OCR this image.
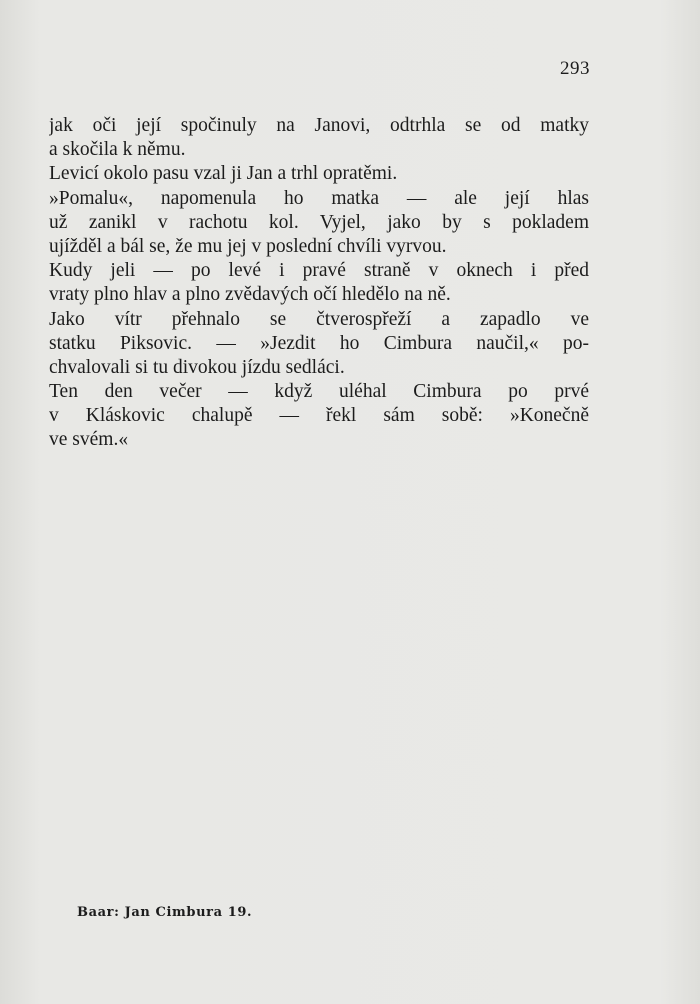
293
jak oči její spočinuly na Janovi, odtrhla se od matky
a skočila k němu.
Levicí okolo pasu vzal ji Jan a trhl opratěmi.
»Pomalu«, napomenula ho matka — ale její hlas
už zanikl v rachotu kol. Vyjel, jako by s pokladem
ujížděl a bál se, že mu jej v poslední chvíli vyrvou.
Kudy jeli — po levé i pravé straně v oknech i před
vraty plno hlav a plno zvědavých očí hledělo na ně.
Jako vítr přehnalo se čtverospřeží a zapadlo ve
statku Piksovic. — »Jezdit ho Cimbura naučil,« po-
chvalovali si tu divokou jízdu sedláci.
Ten den večer — když uléhal Cimbura po prvé
v Kláskovic chalupě — řekl sám sobě: »Konečně
ve svém.«
Baar: Jan Cimbura 19.
